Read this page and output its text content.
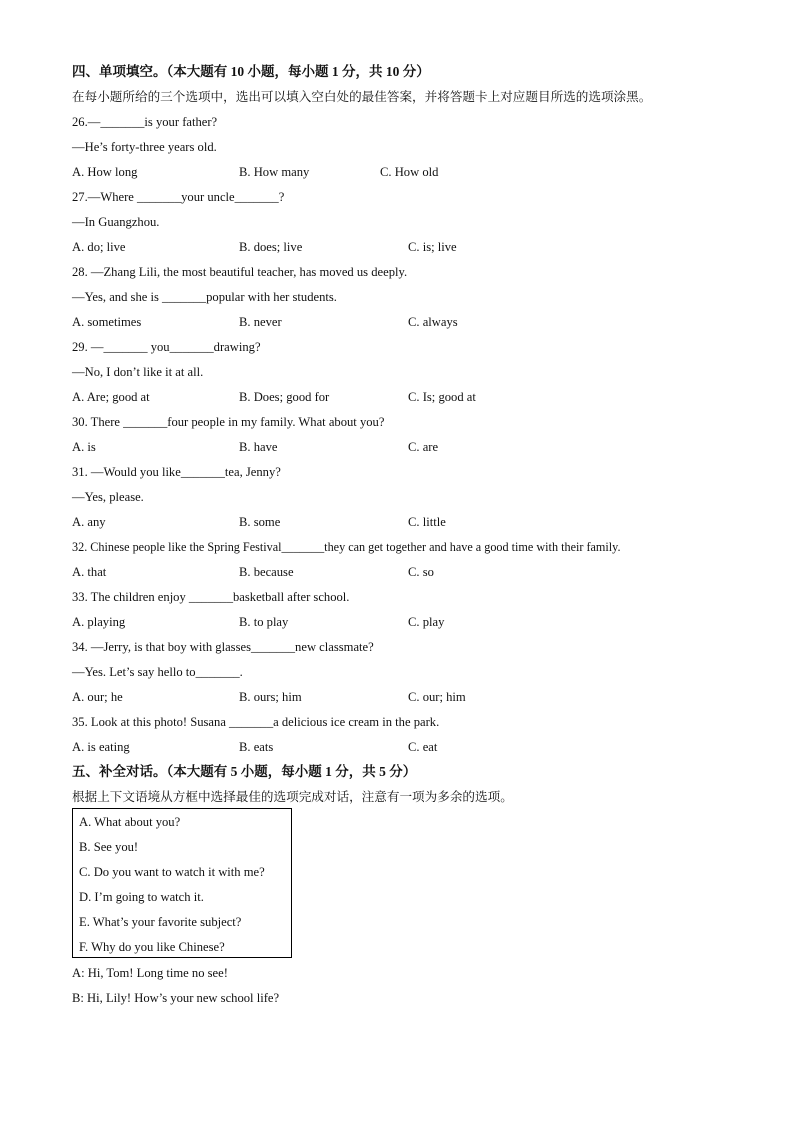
四、单项填空。（本大题有 10 小题，每小题 1 分，共 10 分）
在每小题所给的三个选项中，选出可以填入空白处的最佳答案，并将答题卡上对应题目所选的选项涂黑。
26.—_______is your father?
—He’s forty-three years old.
A. How long	B. How many	C. How old
27.—Where _______your uncle_______?
—In Guangzhou.
A. do; live	B. does; live	C. is; live
28. —Zhang Lili, the most beautiful teacher, has moved us deeply.
—Yes, and she is _______popular with her students.
A. sometimes	B. never	C. always
29. —_______ you_______drawing?
—No, I don’t like it at all.
A. Are; good at	B. Does; good for	C. Is; good at
30. There _______four people in my family. What about you?
A. is	B. have	C. are
31. —Would you like_______tea, Jenny?
—Yes, please.
A. any	B. some	C. little
32. Chinese people like the Spring Festival_______they can get together and have a good time with their family.
A. that	B. because	C. so
33. The children enjoy _______basketball after school.
A. playing	B. to play	C. play
34. —Jerry, is that boy with glasses_______new classmate?
—Yes. Let’s say hello to_______.
A. our; he	B. ours; him	C. our; him
35. Look at this photo! Susana _______a delicious ice cream in the park.
A. is eating	B. eats	C. eat
五、补全对话。（本大题有 5 小题，每小题 1 分，共 5 分）
根据上下文语境从方框中选择最佳的选项完成对话，注意有一项为多余的选项。
A. What about you?
B. See you!
C. Do you want to watch it with me?
D. I’m going to watch it.
E. What’s your favorite subject?
F. Why do you like Chinese?
A: Hi, Tom! Long time no see!
B: Hi, Lily! How’s your new school life?
